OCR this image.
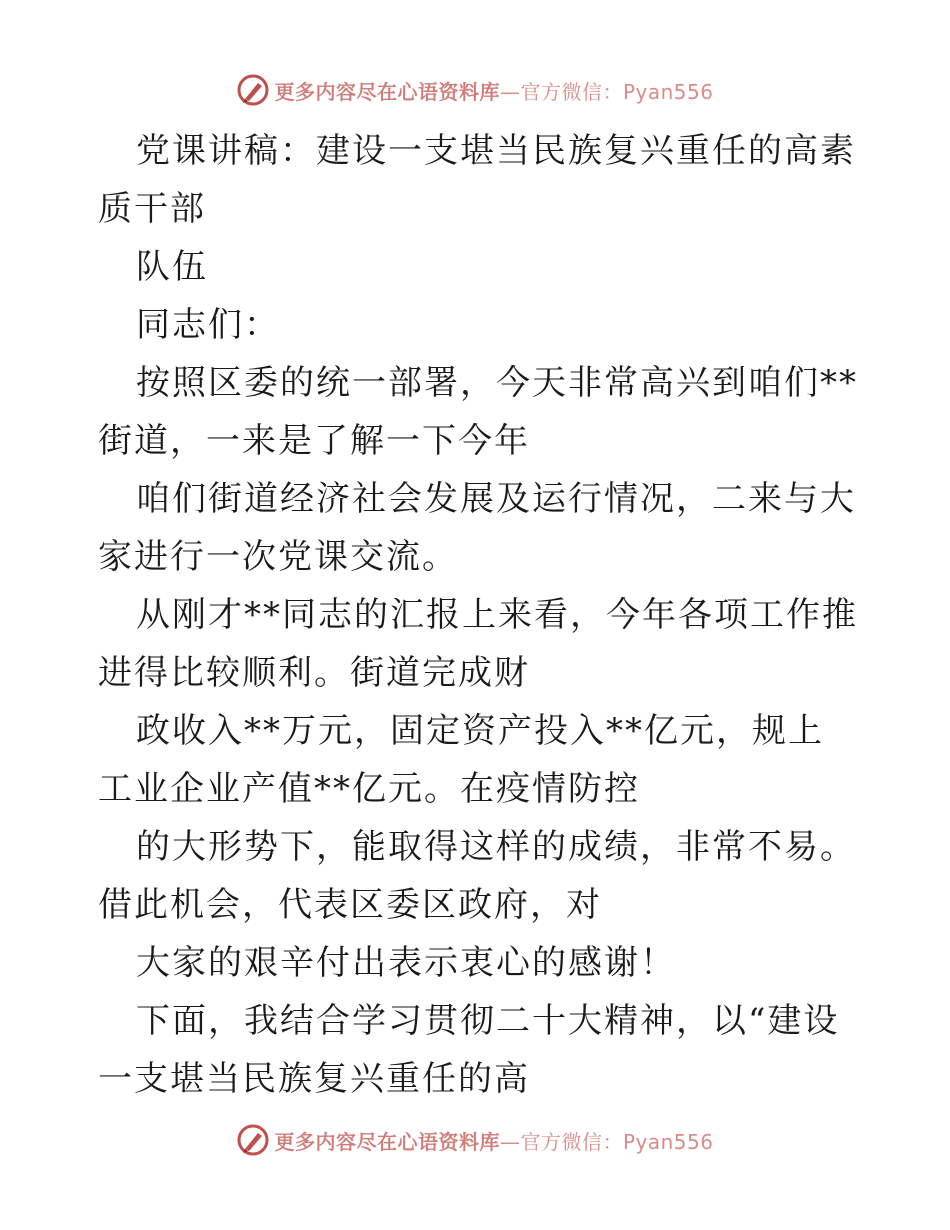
更多内容尽在心语资料库—官方微信：Pyan556

党课讲稿：建设一支堪当民族复兴重任的高素质干部

队伍

同志们：

按照区委的统一部署，今天非常高兴到咱们**街道，一来是了解一下今年

咱们街道经济社会发展及运行情况，二来与大家进行一次党课交流。

从刚才**同志的汇报上来看，今年各项工作推进得比较顺利。街道完成财

政收入**万元，固定资产投入**亿元，规上工业企业产值**亿元。在疫情防控

的大形势下，能取得这样的成绩，非常不易。借此机会，代表区委区政府，对

大家的艰辛付出表示衷心的感谢！

下面，我结合学习贯彻二十大精神，以“建设一支堪当民族复兴重任的高

更多内容尽在心语资料库—官方微信：Pyan556
